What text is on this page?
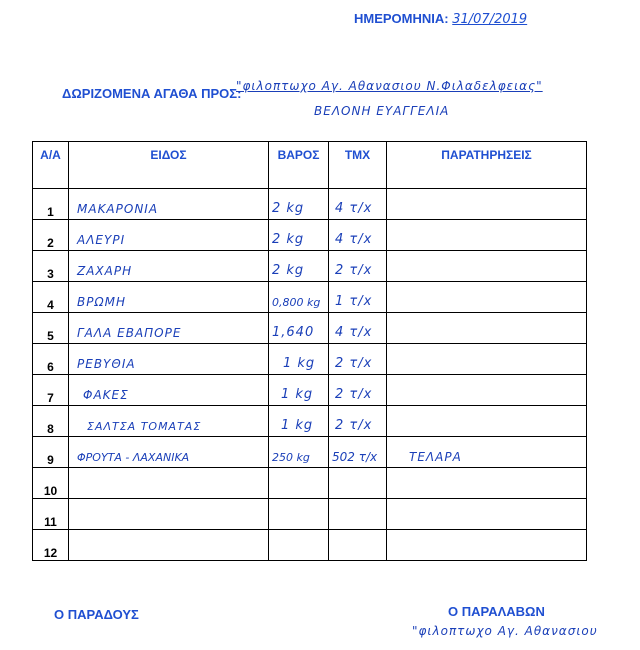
ΗΜΕΡΟΜΗΝΙΑ: 31/07/2019
ΔΩΡΙΖΟΜΕΝΑ ΑΓΑΘΑ ΠΡΟΣ:
"φιλοπτωχο Αγ. Αθανασιου Ν.Φιλαδελφειας"
ΒΕΛΟΝΗ ΕΥΑΓΓΕΛΙΑ
Α/Α	ΕΙΔΟΣ	ΒΑΡΟΣ	ΤΜΧ	ΠΑΡΑΤΗΡΗΣΕΙΣ
1	ΜΑΚΑΡΟΝΙΑ	2 kg	4 τ/x	

2	ΑΛΕΥΡΙ	2 kg	4 τ/x	

3	ΖΑΧΑΡΗ	2 kg	2 τ/x	

4	ΒΡΩΜΗ	0,800 kg	1 τ/x	

5	ΓΑΛΑ ΕΒΑΠΟΡΕ	1,640	4 τ/x	

6	ΡΕΒΥΘΙΑ	1 kg	2 τ/x	

7	ΦΑΚΕΣ	1 kg	2 τ/x	

8	ΣΑΛΤΣΑ ΤΟΜΑΤΑΣ	1 kg	2 τ/x	

9	ΦΡΟΥΤΑ - ΛΑΧΑΝΙΚΑ	250 kg	502 τ/x	ΤΕΛΑΡΑ

10	

11	

12	

Ο ΠΑΡΑΔΟΥΣ	Ο ΠΑΡΑΛΑΒΩΝ
"φιλοπτωχο Αγ. Αθανασιου
